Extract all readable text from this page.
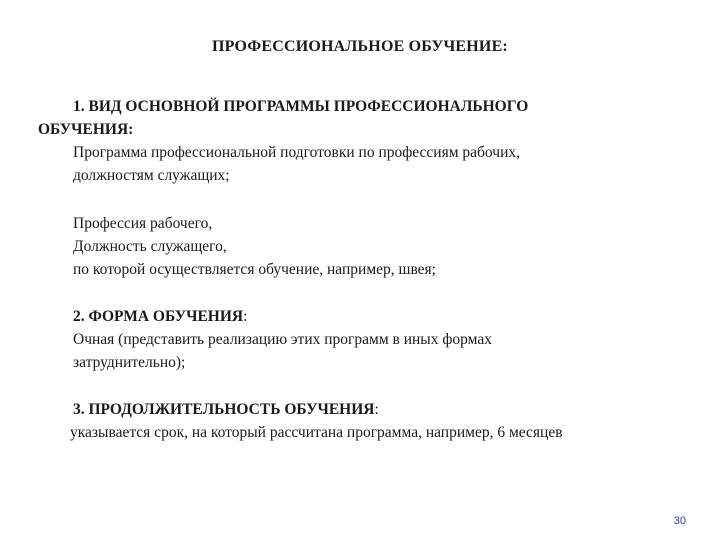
ПРОФЕССИОНАЛЬНОЕ ОБУЧЕНИЕ:
1. ВИД ОСНОВНОЙ ПРОГРАММЫ ПРОФЕССИОНАЛЬНОГО
ОБУЧЕНИЯ:
Программа профессиональной подготовки по профессиям рабочих,
должностям служащих;
Профессия рабочего,
Должность служащего,
по которой осуществляется обучение, например, швея;
2. ФОРМА ОБУЧЕНИЯ:
Очная (представить реализацию этих программ в иных формах
затруднительно);
3. ПРОДОЛЖИТЕЛЬНОСТЬ ОБУЧЕНИЯ:
указывается срок, на который рассчитана программа, например, 6 месяцев
30
